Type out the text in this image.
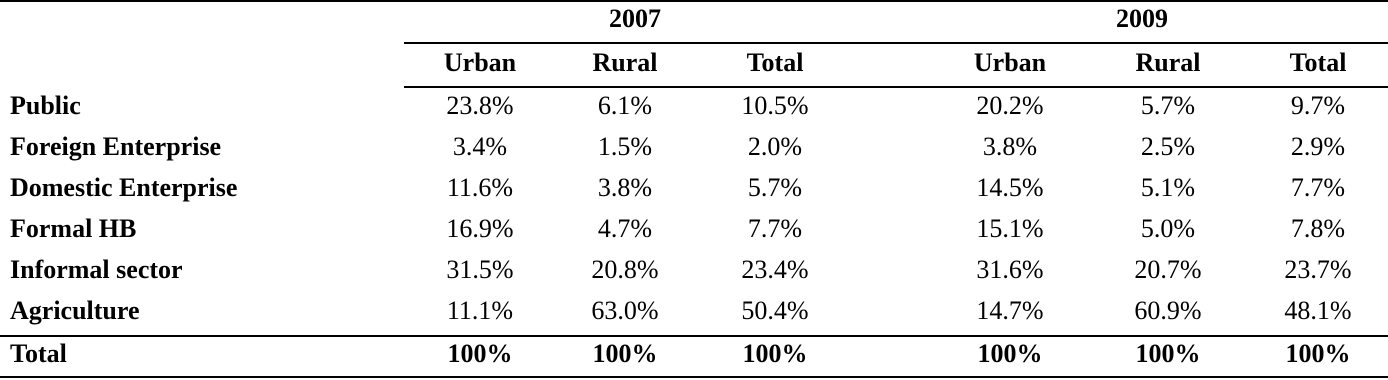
2007	2009
Urban	Rural	Total	Urban	Rural	Total
Public	23.8%	6.1%	10.5%	20.2%	5.7%	9.7%
Foreign Enterprise	3.4%	1.5%	2.0%	3.8%	2.5%	2.9%
Domestic Enterprise	11.6%	3.8%	5.7%	14.5%	5.1%	7.7%
Formal HB	16.9%	4.7%	7.7%	15.1%	5.0%	7.8%
Informal sector	31.5%	20.8%	23.4%	31.6%	20.7%	23.7%
Agriculture	11.1%	63.0%	50.4%	14.7%	60.9%	48.1%
Total	100%	100%	100%	100%	100%	100%
